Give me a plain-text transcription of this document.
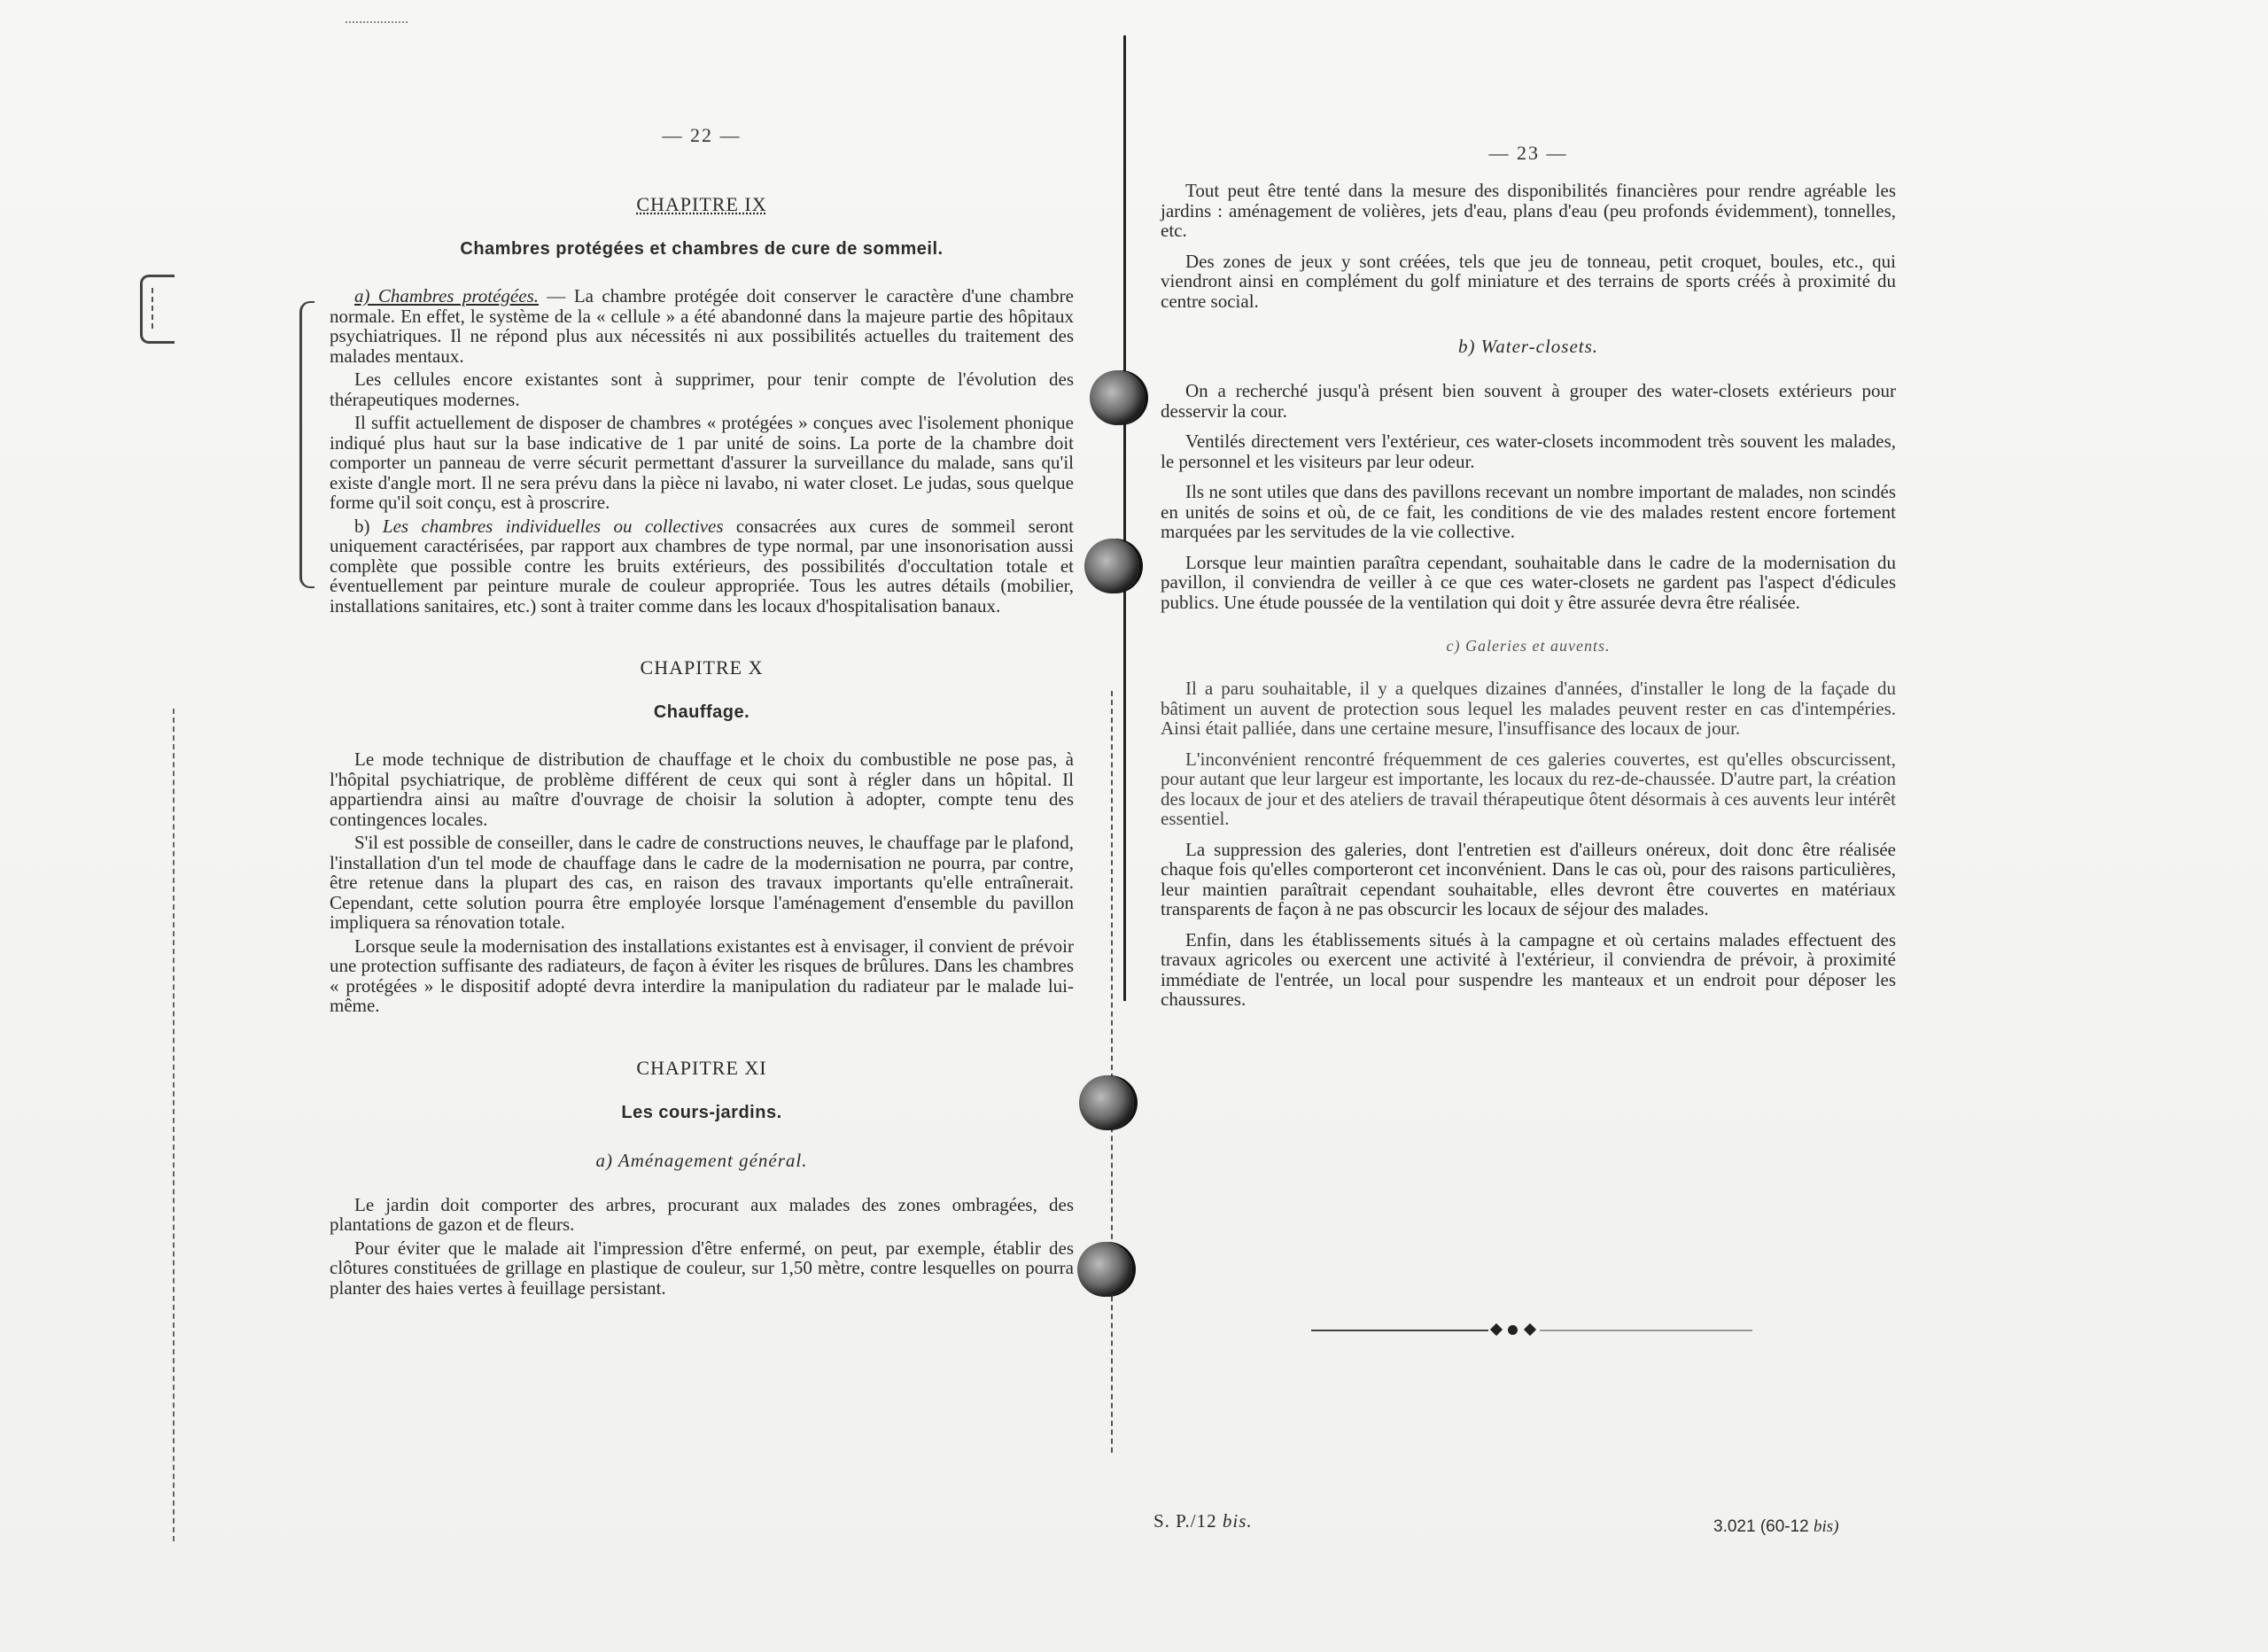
— 22 —
CHAPITRE IX
Chambres protégées et chambres de cure de sommeil.

a) Chambres protégées. — La chambre protégée doit conserver le caractère d'une chambre normale. En effet, le système de la « cellule » a été abandonné dans la majeure partie des hôpitaux psychiatriques. Il ne répond plus aux nécessités ni aux possibilités actuelles du traitement des malades mentaux.

Les cellules encore existantes sont à supprimer, pour tenir compte de l'évolution des thérapeutiques modernes.

Il suffit actuellement de disposer de chambres « protégées » conçues avec l'isolement phonique indiqué plus haut sur la base indicative de 1 par unité de soins. La porte de la chambre doit comporter un panneau de verre sécurit permettant d'assurer la surveillance du malade, sans qu'il existe d'angle mort. Il ne sera prévu dans la pièce ni lavabo, ni water closet. Le judas, sous quelque forme qu'il soit conçu, est à proscrire.

b) Les chambres individuelles ou collectives consacrées aux cures de sommeil seront uniquement caractérisées, par rapport aux chambres de type normal, par une insonorisation aussi complète que possible contre les bruits extérieurs, des possibilités d'occultation totale et éventuellement par peinture murale de couleur appropriée. Tous les autres détails (mobilier, installations sanitaires, etc.) sont à traiter comme dans les locaux d'hospitalisation banaux.

CHAPITRE X
Chauffage.

Le mode technique de distribution de chauffage et le choix du combustible ne pose pas, à l'hôpital psychiatrique, de problème différent de ceux qui sont à régler dans un hôpital. Il appartiendra ainsi au maître d'ouvrage de choisir la solution à adopter, compte tenu des contingences locales.

S'il est possible de conseiller, dans le cadre de constructions neuves, le chauffage par le plafond, l'installation d'un tel mode de chauffage dans le cadre de la modernisation ne pourra, par contre, être retenue dans la plupart des cas, en raison des travaux importants qu'elle entraînerait. Cependant, cette solution pourra être employée lorsque l'aménagement d'ensemble du pavillon impliquera sa rénovation totale.

Lorsque seule la modernisation des installations existantes est à envisager, il convient de prévoir une protection suffisante des radiateurs, de façon à éviter les risques de brûlures. Dans les chambres « protégées » le dispositif adopté devra interdire la manipulation du radiateur par le malade lui-même.

CHAPITRE XI
Les cours-jardins.
a) Aménagement général.

Le jardin doit comporter des arbres, procurant aux malades des zones ombragées, des plantations de gazon et de fleurs.

Pour éviter que le malade ait l'impression d'être enfermé, on peut, par exemple, établir des clôtures constituées de grillage en plastique de couleur, sur 1,50 mètre, contre lesquelles on pourra planter des haies vertes à feuillage persistant.

— 23 —

Tout peut être tenté dans la mesure des disponibilités financières pour rendre agréable les jardins : aménagement de volières, jets d'eau, plans d'eau (peu profonds évidemment), tonnelles, etc.

Des zones de jeux y sont créées, tels que jeu de tonneau, petit croquet, boules, etc., qui viendront ainsi en complément du golf miniature et des terrains de sports créés à proximité du centre social.

b) Water-closets.

On a recherché jusqu'à présent bien souvent à grouper des water-closets extérieurs pour desservir la cour.

Ventilés directement vers l'extérieur, ces water-closets incommodent très souvent les malades, le personnel et les visiteurs par leur odeur.

Ils ne sont utiles que dans des pavillons recevant un nombre important de malades, non scindés en unités de soins et où, de ce fait, les conditions de vie des malades restent encore fortement marquées par les servitudes de la vie collective.

Lorsque leur maintien paraîtra cependant, souhaitable dans le cadre de la modernisation du pavillon, il conviendra de veiller à ce que ces water-closets ne gardent pas l'aspect d'édicules publics. Une étude poussée de la ventilation qui doit y être assurée devra être réalisée.

c) Galeries et auvents.

Il a paru souhaitable, il y a quelques dizaines d'années, d'installer le long de la façade du bâtiment un auvent de protection sous lequel les malades peuvent rester en cas d'intempéries. Ainsi était palliée, dans une certaine mesure, l'insuffisance des locaux de jour.

L'inconvénient rencontré fréquemment de ces galeries couvertes, est qu'elles obscurcissent, pour autant que leur largeur est importante, les locaux du rez-de-chaussée. D'autre part, la création des locaux de jour et des ateliers de travail thérapeutique ôtent désormais à ces auvents leur intérêt essentiel.

La suppression des galeries, dont l'entretien est d'ailleurs onéreux, doit donc être réalisée chaque fois qu'elles comporteront cet inconvénient. Dans le cas où, pour des raisons particulières, leur maintien paraîtrait cependant souhaitable, elles devront être couvertes en matériaux transparents de façon à ne pas obscurcir les locaux de séjour des malades.

Enfin, dans les établissements situés à la campagne et où certains malades effectuent des travaux agricoles ou exercent une activité à l'extérieur, il conviendra de prévoir, à proximité immédiate de l'entrée, un local pour suspendre les manteaux et un endroit pour déposer les chaussures.

S. P./12 bis.	3.021 (60-12 bis)
